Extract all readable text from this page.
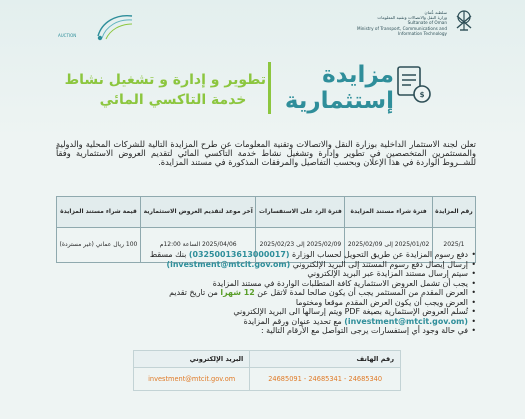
AUCTION
سلطنة عُمان
وزارة النقل والاتصالات وتقنية المعلومات
Sultanate of Oman
Ministry of Transport, Communications and
Information Technology
$
مزايدة
إستثمارية
تطوير و إدارة و تشغيل نشاط
خدمة التاكسي المائي
تعلن لجنة الاستثمار الداخلية بوزارة النقل والاتصالات وتقنية المعلومات عن طرح المزايدة التالية للشركات المحلية والدولية والمستثمرين المتخصصين في تطوير وإدارة وتشغيل نشاط خدمة التاكسي المائي لتقديم العروض الاستثمارية وفقاً للشــروط الواردة في هذا الإعلان وبحسب التفاصيل والمرفقات المذكورة في مستند المزايدة.
رقم المزايدة	فترة شراء مستند المزايدة	فترة الرد على الاستفسارات	آخر موعد لتقديم العروض الاستثمارية	قيمة شراء مستند المزايدة
2025/1	2025/01/02 إلى 2025/02/09	2025/02/09 إلى 2025/02/23	2025/04/06 الساعة 12:00م	100 ريال عماني (غير مستردة)
• دفع رسوم المزايدة عن طريق التحويل لحساب الوزارة (03250013613000017) بنك مسقط
• إرسال إيصال دفع رسوم المستند إلى البريد الإلكتروني (investment@mtcit.gov.om)
• سيتم إرسال مستند المزايدة عبر البريد الإلكتروني
• يجب أن تشمل العروض الاستثمارية كافة المتطلبات الواردة في مستند المزايدة
• العرض المقدم من المستثمر يجب أن يكون صالحا لمدة لاتقل عن 12 شهرا من تاريخ تقديم
• العرض ويجب أن يكون العرض المقدم موقعا ومختوما
• تُسلم العروض الإستثمارية بصيغة PDF ويتم إرسالها الى البريد الإلكتروني
• (investment@mtcit.gov.om) مع تحديد عنوان ورقم المزايدة
• في حالة وجود أي إستفسارات يرجى التواصل مع الأرقام التالية :
رقم الهاتف	البريد الإلكتروني
24685340 - 24685341 - 24685091	investment@mtcit.gov.om
